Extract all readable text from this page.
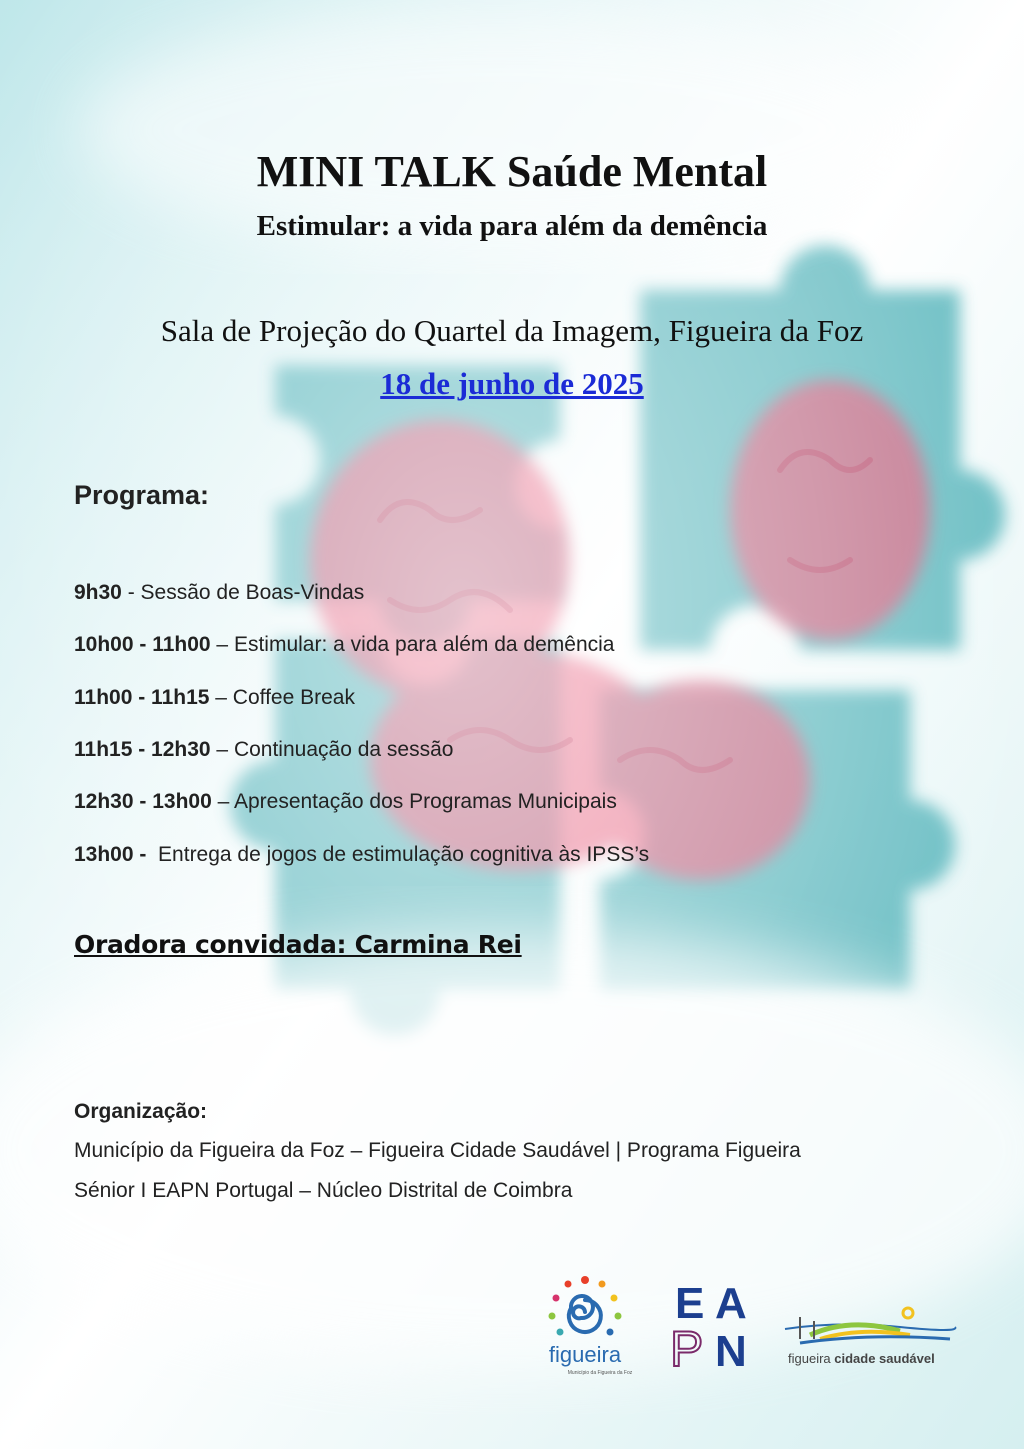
MINI TALK Saúde Mental
Estimular: a vida para além da demência
Sala de Projeção do Quartel da Imagem, Figueira da Foz
18 de junho de 2025
Programa:
9h30 - Sessão de Boas-Vindas
10h00 - 11h00 – Estimular: a vida para além da demência
11h00 - 11h15 – Coffee Break
11h15 - 12h30 – Continuação da sessão
12h30 - 13h00 – Apresentação dos Programas Municipais
13h00 - Entrega de jogos de estimulação cognitiva às IPSS’s
Oradora convidada: Carmina Rei
Organização:
Município da Figueira da Foz – Figueira Cidade Saudável | Programa Figueira
Sénior I EAPN Portugal – Núcleo Distrital de Coimbra
figueira
Município da Figueira da Foz
E A
P N	figueira cidade saudável
